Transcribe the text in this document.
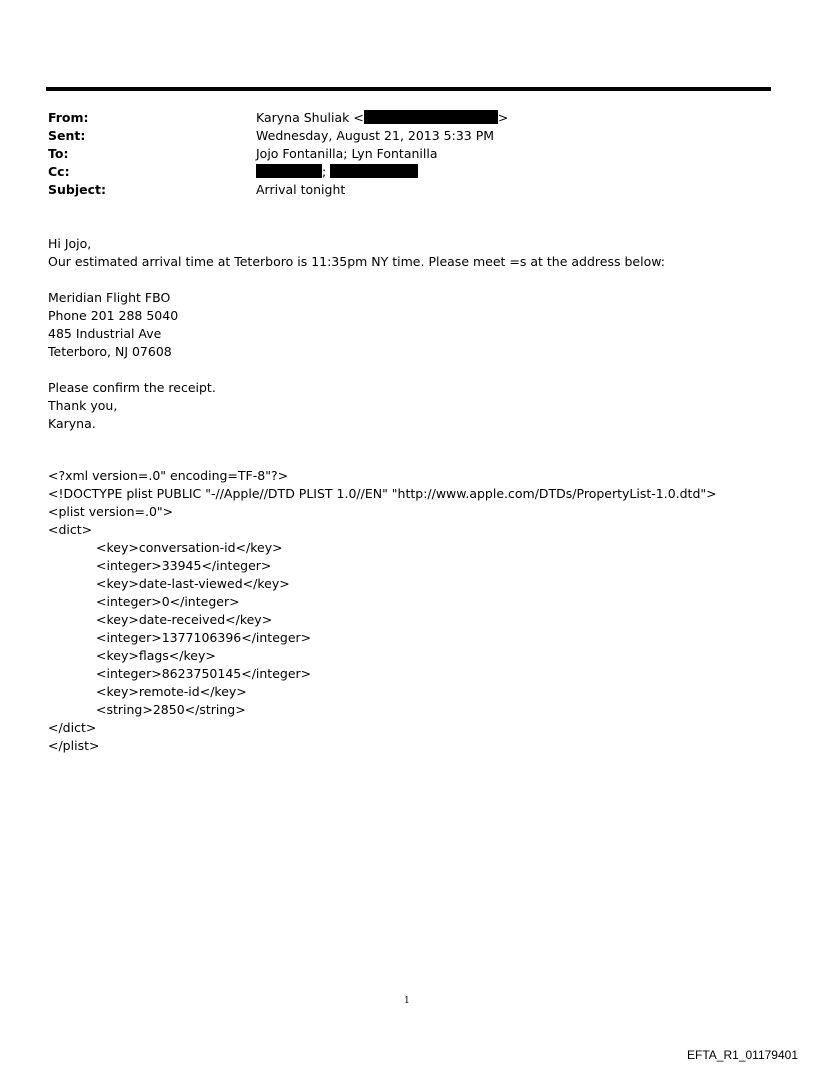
From:	Karyna Shuliak <	>
Sent:	Wednesday, August 21, 2013 5:33 PM
To:	Jojo Fontanilla; Lyn Fontanilla
Cc:	;
Subject:	Arrival tonight
Hi Jojo,
Our estimated arrival time at Teterboro is 11:35pm NY time. Please meet =s at the address below:
Meridian Flight FBO
Phone 201 288 5040
485 Industrial Ave
Teterboro, NJ 07608
Please confirm the receipt.
Thank you,
Karyna.
<?xml version=.0" encoding=TF-8"?>
<!DOCTYPE plist PUBLIC "-//Apple//DTD PLIST 1.0//EN" "http://www.apple.com/DTDs/PropertyList-1.0.dtd">
<plist version=.0">
<dict>
<key>conversation-id</key>
<integer>33945</integer>
<key>date-last-viewed</key>
<integer>0</integer>
<key>date-received</key>
<integer>1377106396</integer>
<key>flags</key>
<integer>8623750145</integer>
<key>remote-id</key>
<string>2850</string>
</dict>
</plist>
1
EFTA_R1_01179401
